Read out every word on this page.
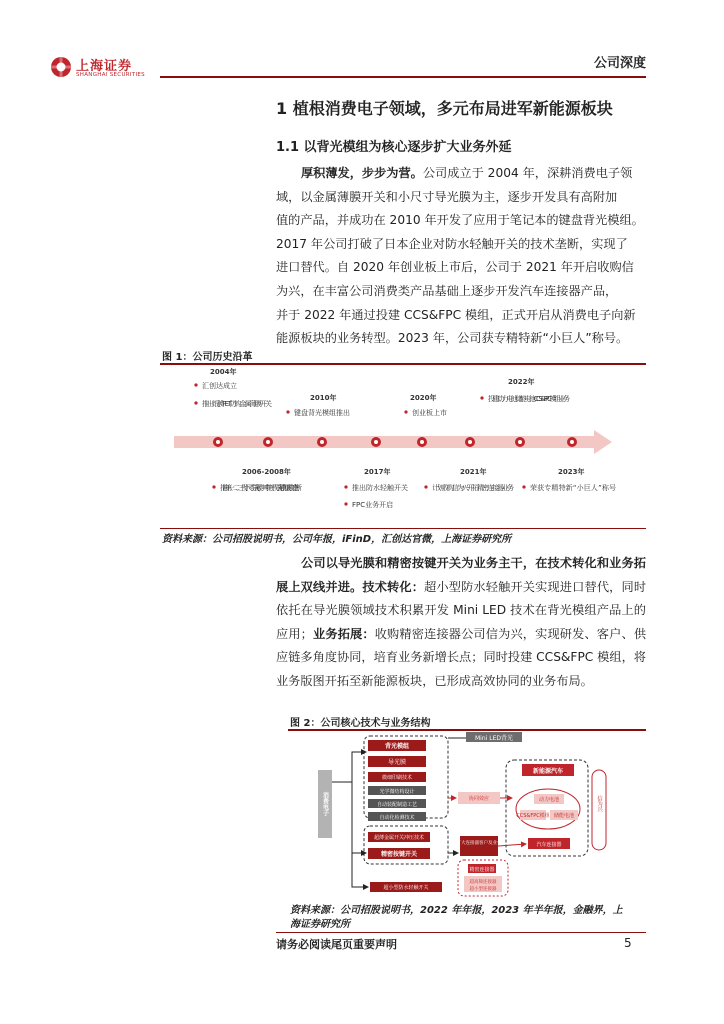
上海证券
SHANGHAI SECURITIES
公司深度
1 植根消费电子领域，多元布局进军新能源板块
1.1 以背光模组为核心逐步扩大业务外延
厚积薄发，步步为营。公司成立于 2004 年，深耕消费电子领
域，以金属薄膜开关和小尺寸导光膜为主，逐步开发具有高附加
值的产品，并成功在 2010 年开发了应用于笔记本的键盘背光模组。
2017 年公司打破了日本企业对防水轻触开关的技术垄断，实现了
进口替代。自 2020 年创业板上市后，公司于 2021 年开启收购信
为兴，在丰富公司消费类产品基础上逐步开发汽车连接器产品，
并于 2022 年通过投建 CCS&FPC 模组，正式开启从消费电子向新
能源板块的业务转型。2023 年，公司获专精特新“小巨人”称号。
图 1：公司历史沿革
2004年
汇创达成立
推出纸膜PET防钩金属薄膜开关
2010年
键盘背光模组推出
2020年
创业板上市
2022年
投建动力电池储能电池CCS&FPC模组业务
2006-2008年
推出第一、二、三代小尺寸导光膜，其中第三代导光膜打破欧美垄断
2017年
推出防水轻触开关
FPC业务开启
2021年
计划收购信为兴开拓精密连接器业务
2023年
荣获专精特新“小巨人”称号
资料来源：公司招股说明书，公司年报，iFinD，汇创达官微，上海证券研究所
公司以导光膜和精密按键开关为业务主干，在技术转化和业务拓展上双线并进。技术转化：超小型防水轻触开关实现进口替代，同时依托在导光膜领域技术积累开发 Mini LED 技术在背光模组产品上的应用；业务拓展：收购精密连接器公司信为兴，实现研发、客户、供应链多角度协同，培育业务新增长点；同时投建 CCS&FPC 模组，将业务版图开拓至新能源板块，已形成高效协同的业务布局。
图 2：公司核心技术与业务结构
消费电子
Mini LED背光
背光模组
导光膜
微细印刷技术
光学微结构设计
自动装配制造工艺
自动化检测技术
超薄金属开关冲压技术
精密按键开关
超小型防水轻触开关
协同效应
新能源汽车
动力电池
CCS&FPC模组 储能电池
汽车连接器
信为兴
扩大连接器客户及业务
精密连接器
超高频连接器
超小型连接器
资料来源：公司招股说明书，2022 年年报，2023 年半年报，金融界，上
海证券研究所
请务必阅读尾页重要声明	5
